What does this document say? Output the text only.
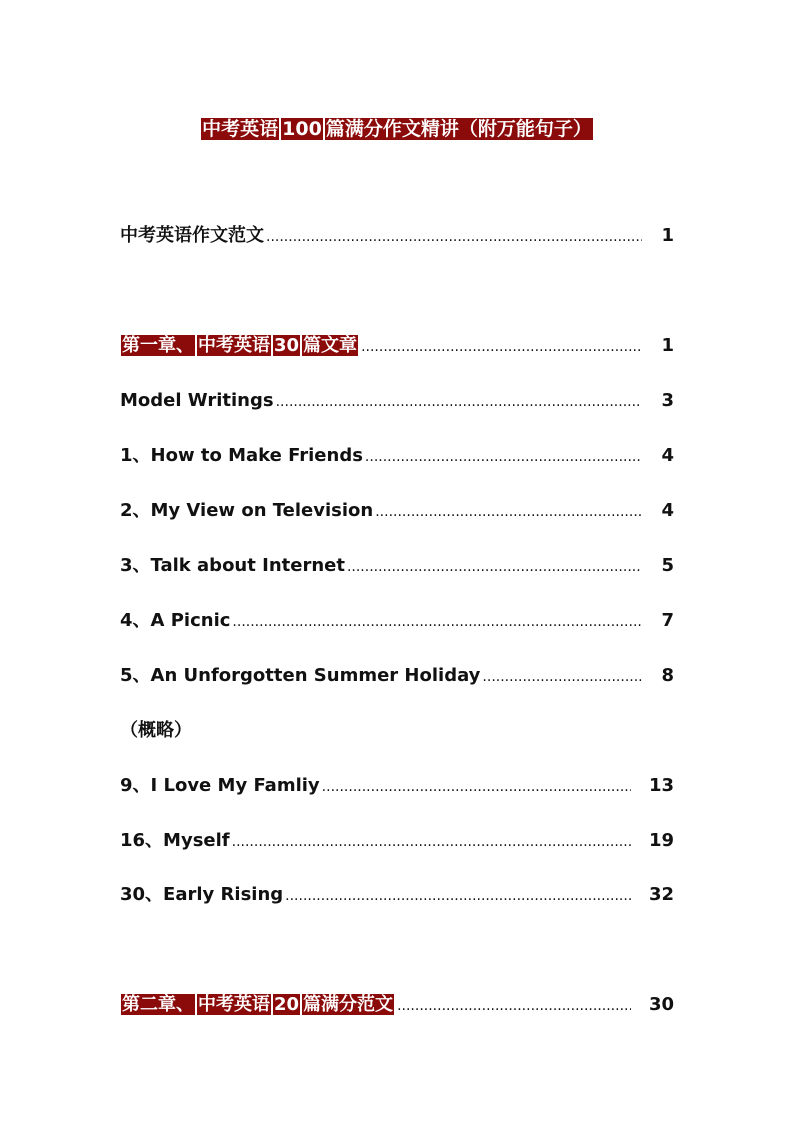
中考英语 100 篇满分作文精讲（附万能句子）
中考英语作文范文 .....	1
第一章、 中考英语 30 篇文章 .....	1
Model Writings .....	3
1、How to Make Friends .....	4
2、My View on Television .....	4
3、Talk about Internet .....	5
4、A Picnic .....	7
5、An Unforgotten Summer Holiday .....	8
（概略）
9、I Love My Famliy .....	13
16、Myself .....	19
30、Early Rising .....	32
第二章、 中考英语 20 篇满分范文 .....	30
